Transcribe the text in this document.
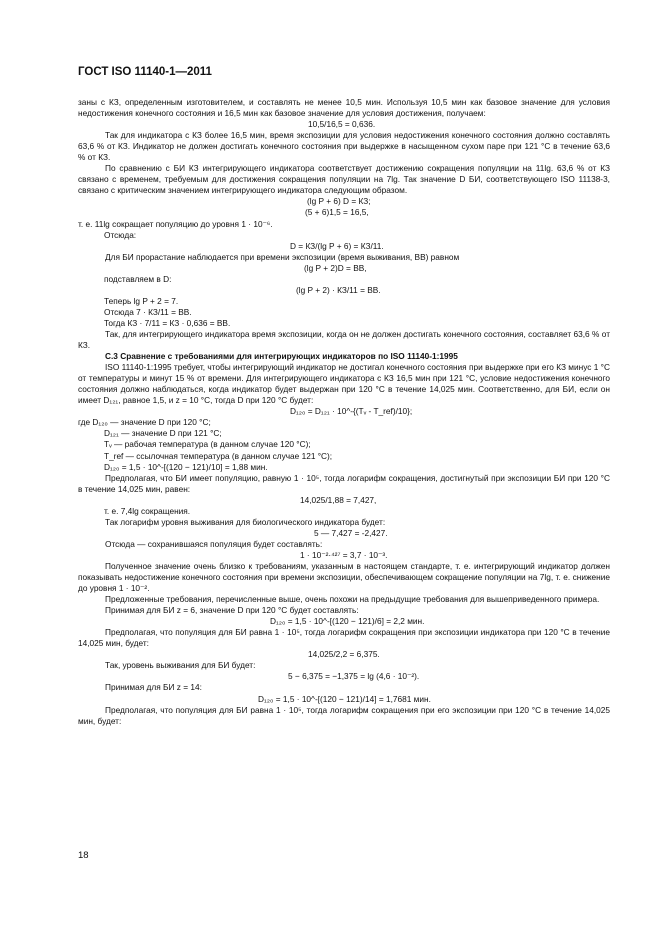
ГОСТ ISO 11140-1—2011
заны с КЗ, определенным изготовителем, и составлять не менее 10,5 мин. Используя 10,5 мин как базовое значение для условия недостижения конечного состояния и 16,5 мин как базовое значение для условия достижения, получаем:
10,5/16,5 = 0,636.
Так для индикатора с КЗ более 16,5 мин, время экспозиции для условия недостижения конечного состояния должно составлять 63,6 % от КЗ. Индикатор не должен достигать конечного состояния при выдержке в насыщенном сухом паре при 121 °С в течение 63,6 % от КЗ.
По сравнению с БИ КЗ интегрирующего индикатора соответствует достижению сокращения популяции на 11lg. 63,6 % от КЗ связано с временем, требуемым для достижения сокращения популяции на 7lg. Так значение D БИ, соответствующего ISO 11138-3, связано с критическим значением интегрирующего индикатора следующим образом.
(lg P + 6) D = КЗ;
(5 + 6)1,5 = 16,5,
т. е. 11lg сокращает популяцию до уровня 1 · 10⁻⁶.
Отсюда:
D = КЗ/(lg P + 6) = КЗ/11.
Для БИ прорастание наблюдается при времени экспозиции (время выживания, ВВ) равном
(lg P + 2)D = ВВ,
подставляем в D:
(lg P + 2) · КЗ/11 = ВВ.
Теперь lg P + 2 = 7.
Отсюда 7 · КЗ/11 = ВВ.
Тогда КЗ · 7/11 = КЗ · 0,636 = ВВ.
Так, для интегрирующего индикатора время экспозиции, когда он не должен достигать конечного состояния, составляет 63,6 % от КЗ.
С.3 Сравнение с требованиями для интегрирующих индикаторов по ISO 11140-1:1995
ISO 11140-1:1995 требует, чтобы интегрирующий индикатор не достигал конечного состояния при выдержке при его КЗ минус 1 °С от температуры и минут 15 % от времени. Для интегрирующего индикатора с КЗ 16,5 мин при 121 °С, условие недостижения конечного состояния должно наблюдаться, когда индикатор будет выдержан при 120 °С в течение 14,025 мин. Соответственно, для БИ, если он имеет D₁₂₁, равное 1,5, и z = 10 °С, тогда D при 120 °С будет:
D₁₂₀ = D₁₂₁ · 10^-{(Tᵥ - T_ref)/10};
где D₁₂₀ — значение D при 120 °С;
D₁₂₁ — значение D при 121 °С;
Tᵥ — рабочая температура (в данном случае 120 °С);
T_ref — ссылочная температура (в данном случае 121 °С);
D₁₂₀ = 1,5 · 10^-[(120 − 121)/10] = 1,88 мин.
Предполагая, что БИ имеет популяцию, равную 1 · 10⁵, тогда логарифм сокращения, достигнутый при экспозиции БИ при 120 °С в течение 14,025 мин, равен:
14,025/1,88 = 7,427,
т. е. 7,4lg сокращения.
Так логарифм уровня выживания для биологического индикатора будет:
5 — 7,427 = -2,427.
Отсюда — сохранившаяся популяция будет составлять:
1 · 10⁻²·⁴²⁷ = 3,7 · 10⁻³.
Полученное значение очень близко к требованиям, указанным в настоящем стандарте, т. е. интегрирующий индикатор должен показывать недостижение конечного состояния при времени экспозиции, обеспечивающем сокращение популяции на 7lg, т. е. снижение до уровня 1 · 10⁻².
Предложенные требования, перечисленные выше, очень похожи на предыдущие требования для вышеприведенного примера.
Принимая для БИ z = 6, значение D при 120 °С будет составлять:
D₁₂₀ = 1,5 · 10^-[(120 − 121)/6] = 2,2 мин.
Предполагая, что популяция для БИ равна 1 · 10⁵, тогда логарифм сокращения при экспозиции индикатора при 120 °С в течение 14,025 мин, будет:
14,025/2,2 = 6,375.
Так, уровень выживания для БИ будет:
5 − 6,375 = −1,375 = lg (4,6 · 10⁻²).
Принимая для БИ z = 14:
D₁₂₀ = 1,5 · 10^-[(120 − 121)/14] = 1,7681 мин.
Предполагая, что популяция для БИ равна 1 · 10⁵, тогда логарифм сокращения при его экспозиции при 120 °С в течение 14,025 мин, будет:
18
